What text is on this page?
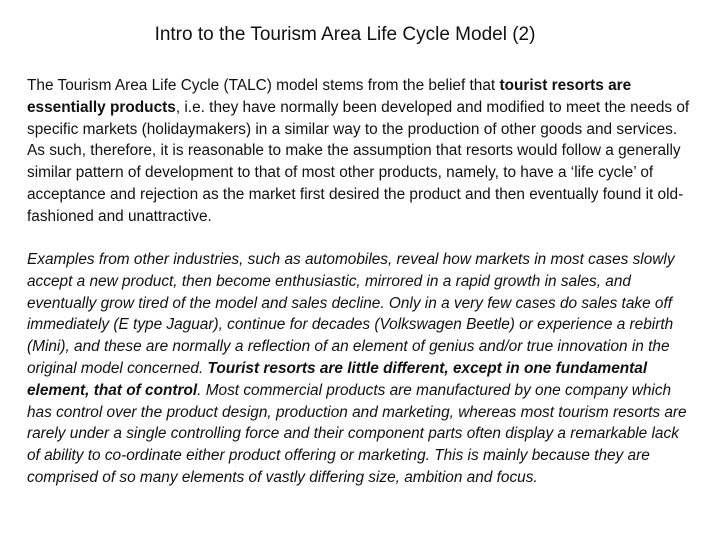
Intro to the Tourism Area Life Cycle Model (2)

The Tourism Area Life Cycle (TALC) model stems from the belief that tourist resorts are essentially products, i.e. they have normally been developed and modified to meet the needs of specific markets (holidaymakers) in a similar way to the production of other goods and services. As such, therefore, it is reasonable to make the assumption that resorts would follow a generally similar pattern of development to that of most other products, namely, to have a ‘life cycle’ of acceptance and rejection as the market first desired the product and then eventually found it old-fashioned and unattractive.

Examples from other industries, such as automobiles, reveal how markets in most cases slowly accept a new product, then become enthusiastic, mirrored in a rapid growth in sales, and eventually grow tired of the model and sales decline. Only in a very few cases do sales take off immediately (E type Jaguar), continue for decades (Volkswagen Beetle) or experience a rebirth (Mini), and these are normally a reflection of an element of genius and/or true innovation in the original model concerned. Tourist resorts are little different, except in one fundamental element, that of control. Most commercial products are manufactured by one company which has control over the product design, production and marketing, whereas most tourism resorts are rarely under a single controlling force and their component parts often display a remarkable lack of ability to co-ordinate either product offering or marketing. This is mainly because they are comprised of so many elements of vastly differing size, ambition and focus.
